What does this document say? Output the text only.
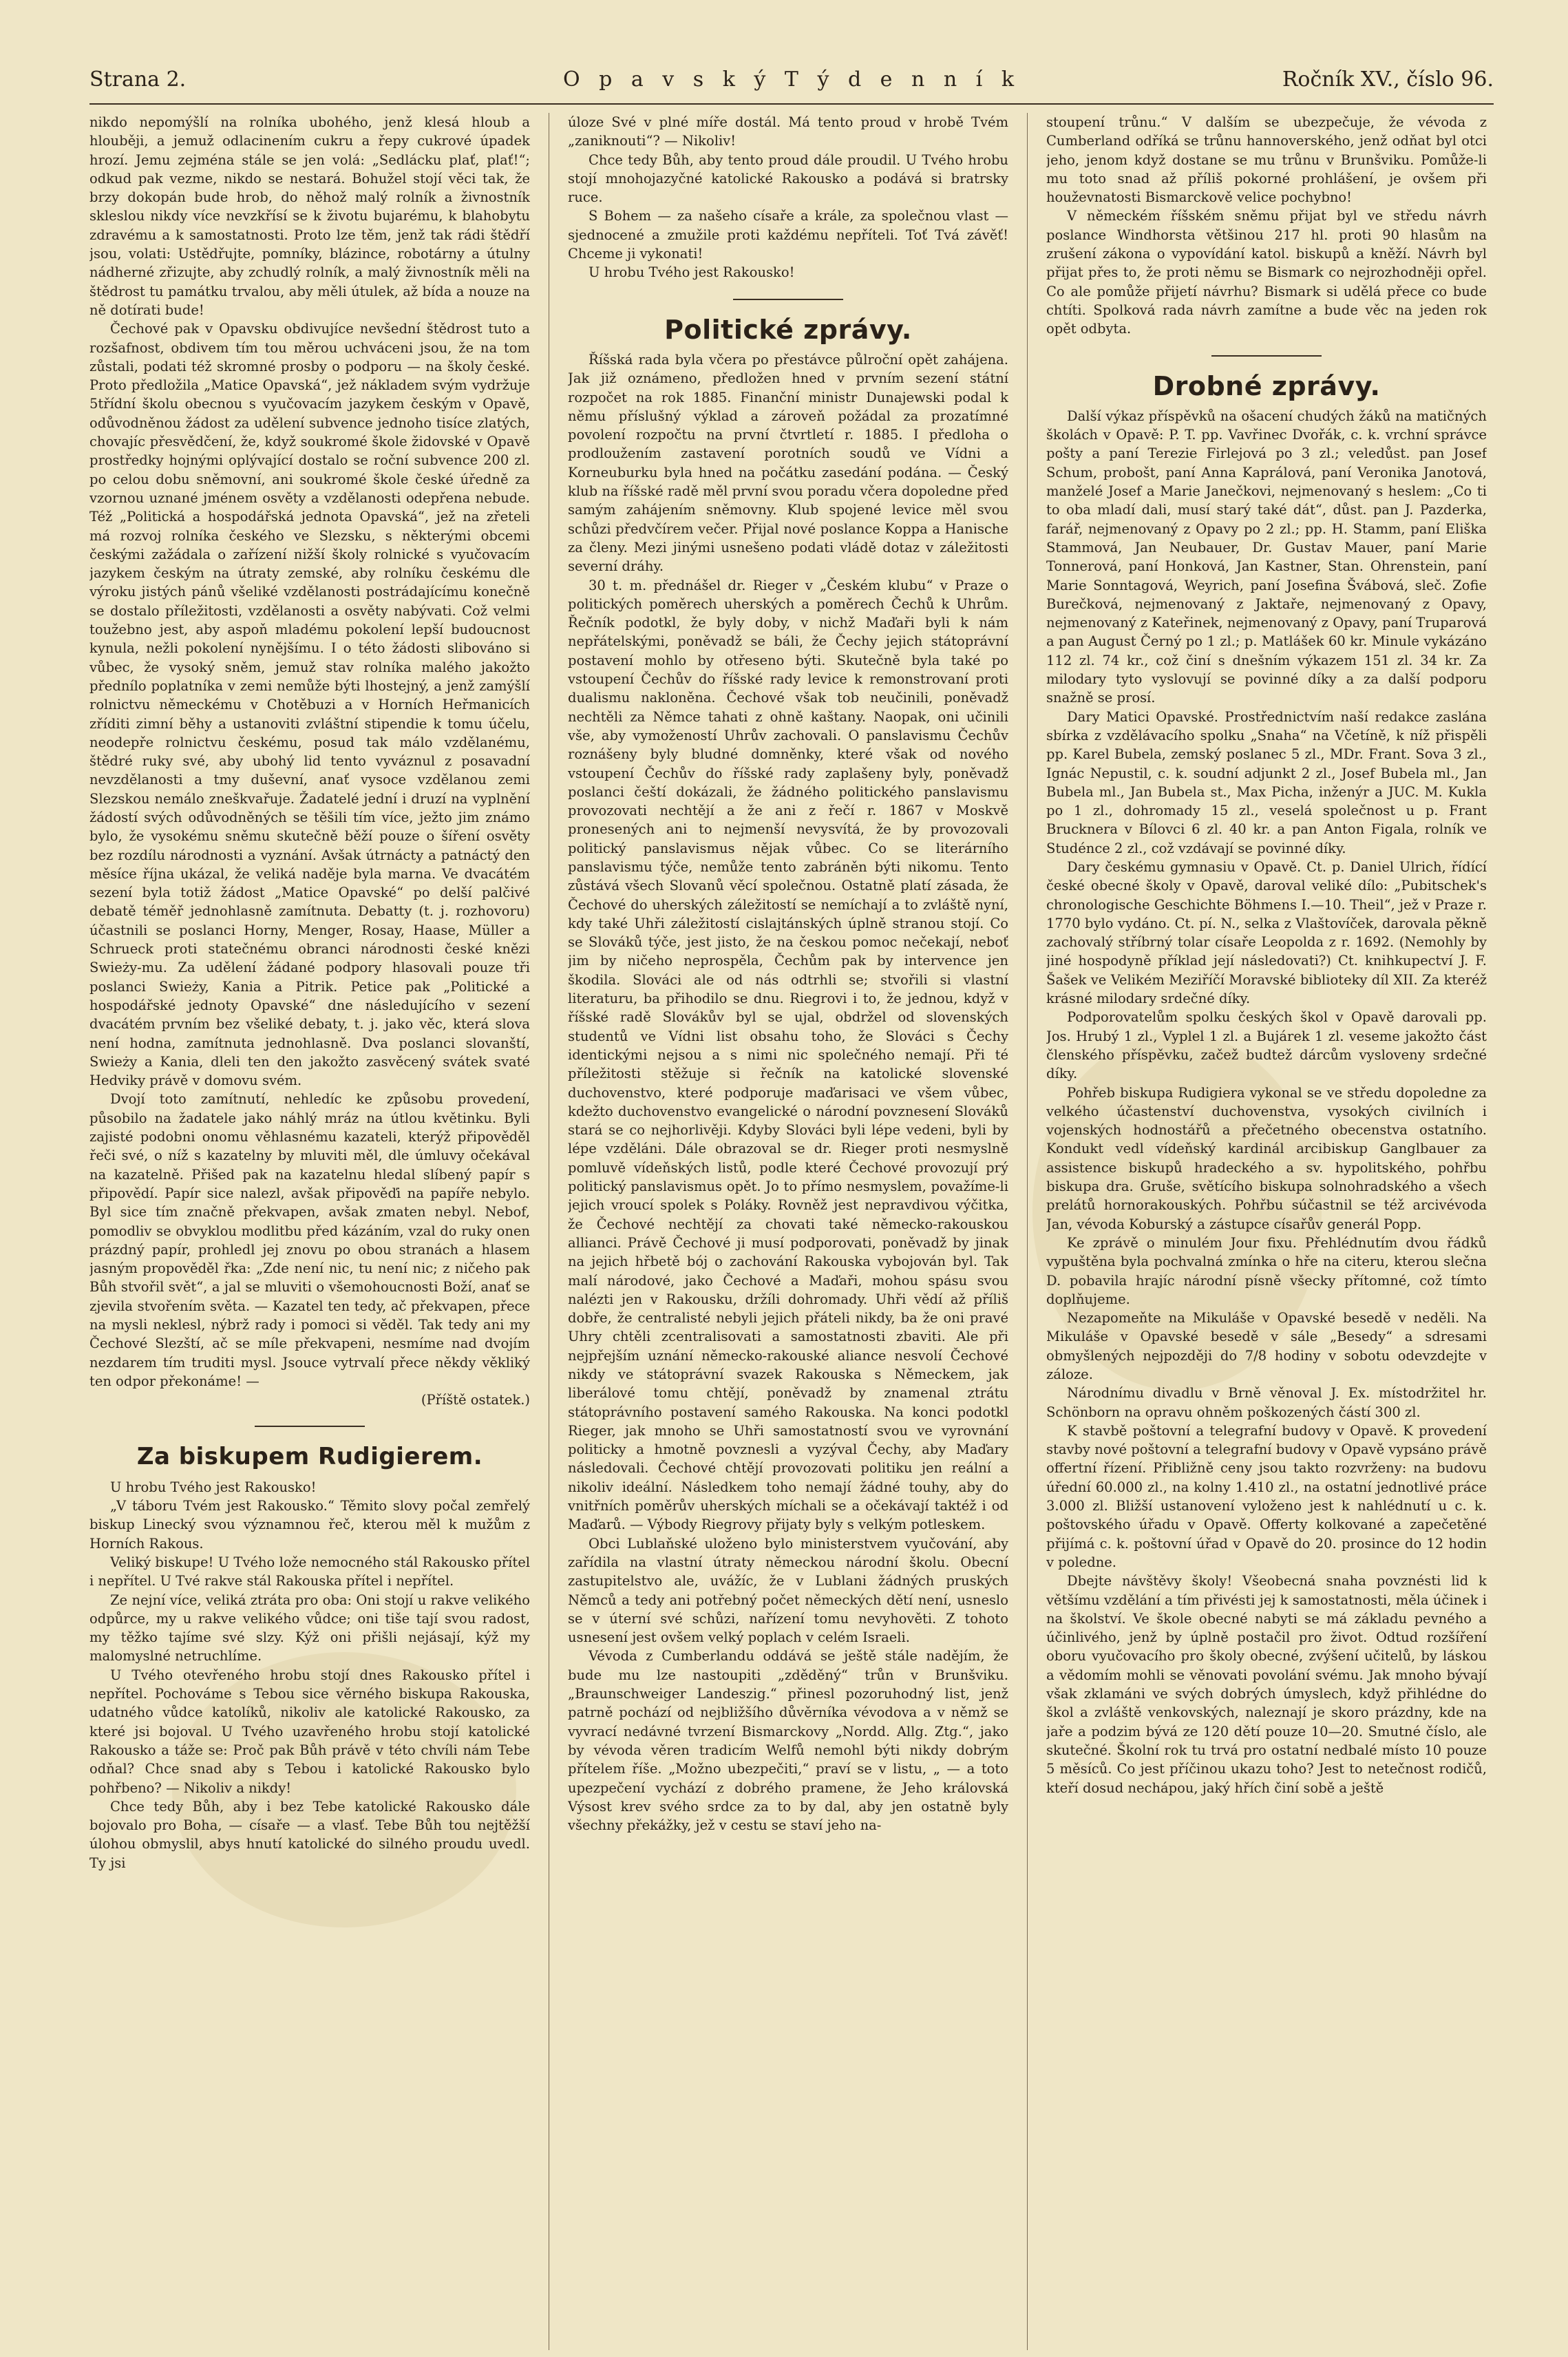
Strana 2.	O p a v s k ý T ý d e n n í k	Ročník XV., číslo 96.

nikdo nepomýšlí na rolníka ubohého, jenž klesá hloub a hlouběji, a jemuž odlacinením cukru a řepy cukrové úpadek hrozí. Jemu zejména stále se jen volá: „Sedlácku plať, plať!“; odkud pak vezme, nikdo se nestará. Bohužel stojí věci tak, že brzy dokopán bude hrob, do něhož malý rolník a živnostník skleslou nikdy více nevzkřísí se k životu bujarému, k blahobytu zdravému a k samostatnosti. Proto lze těm, jenž tak rádi štědří jsou, volati: Ustědřujte, pomníky, blázince, robotárny a útulny nádherné zřizujte, aby zchudlý rolník, a malý živnostník měli na štědrost tu památku trvalou, aby měli útulek, až bída a nouze na ně dotírati bude!

Čechové pak v Opavsku obdivujíce nevšední štědrost tuto a rozšafnost, obdivem tím tou měrou uchváceni jsou, že na tom zůstali, podati též skromné prosby o podporu — na školy české. Proto předložila „Matice Opavská“, jež nákladem svým vydržuje 5třídní školu obecnou s vyučovacím jazykem českým v Opavě, odůvodněnou žádost za udělení subvence jednoho tisíce zlatých, chovajíc přesvědčení, že, když soukromé škole židovské v Opavě prostředky hojnými oplývající dostalo se roční subvence 200 zl. po celou dobu sněmovní, ani soukromé škole české úředně za vzornou uznané jménem osvěty a vzdělanosti odepřena nebude. Též „Politická a hospodářská jednota Opavská“, jež na zřeteli má rozvoj rolníka českého ve Slezsku, s některými obcemi českými zažádala o zařízení nižší školy rolnické s vyučovacím jazykem českým na útraty zemské, aby rolníku českému dle výroku jistých pánů všeliké vzdělanosti postrádajícímu konečně se dostalo příležitosti, vzdělanosti a osvěty nabývati. Což velmi toužebno jest, aby aspoň mladému pokolení lepší budoucnost kynula, nežli pokolení nynějšímu. I o této žádosti slibováno si vůbec, že vysoký sněm, jemuž stav rolníka malého jakožto přednílo poplatníka v zemi nemůže býti lhostejný, a jenž zamýšlí rolnictvu německému v Chotěbuzi a v Horních Heřmanicích zříditi zimní běhy a ustanoviti zvláštní stipendie k tomu účelu, neodepře rolnictvu českému, posud tak málo vzdělanému, štědré ruky své, aby ubohý lid tento vyváznul z posavadní nevzdělanosti a tmy duševní, anať vysoce vzdělanou zemi Slezskou nemálo zneškvařuje. Žadatelé jední i druzí na vyplnění žádostí svých odůvodněných se těšili tím více, ježto jim známo bylo, že vysokému sněmu skutečně běží pouze o šíření osvěty bez rozdílu národnosti a vyznání. Avšak útrnácty a patnáctý den měsíce října ukázal, že veliká naděje byla marna. Ve dvacátém sezení byla totiž žádost „Matice Opavské“ po delší palčivé debatě téměř jednohlasně zamítnuta. Debatty (t. j. rozhovoru) účastnili se poslanci Horny, Menger, Rosay, Haase, Müller a Schrueck proti statečnému obranci národnosti české knězi Swieży-mu. Za udělení žádané podpory hlasovali pouze tři poslanci Swieży, Kania a Pitrik. Petice pak „Politické a hospodářské jednoty Opavské“ dne následujícího v sezení dvacátém prvním bez všeliké debaty, t. j. jako věc, která slova není hodna, zamítnuta jednohlasně. Dva poslanci slovanští, Swieży a Kania, dleli ten den jakožto zasvěcený svátek svaté Hedviky právě v domovu svém.

Dvojí toto zamítnutí, nehledíc ke způsobu provedení, působilo na žadatele jako náhlý mráz na útlou květinku. Byli zajisté podobni onomu věhlasnému kazateli, kterýž připověděl řeči své, o níž s kazatelny by mluviti měl, dle úmluvy očekával na kazatelně. Přišed pak na kazatelnu hledal slíbený papír s připovědí. Papír sice nalezl, avšak připověďi na papíře nebylo. Byl sice tím značně překvapen, avšak zmaten nebyl. Nebof, pomodliv se obvyklou modlitbu před kázáním, vzal do ruky onen prázdný papír, prohledl jej znovu po obou stranách a hlasem jasným propověděl řka: „Zde není nic, tu není nic; z ničeho pak Bůh stvořil svět“, a jal se mluviti o všemohoucnosti Boží, anať se zjevila stvořením světa. — Kazatel ten tedy, ač překvapen, přece na mysli neklesl, nýbrž rady i pomoci si věděl. Tak tedy ani my Čechové Slezští, ač se míle překvapeni, nesmíme nad dvojím nezdarem tím truditi mysl. Jsouce vytrvalí přece někdy věkliký ten odpor překonáme! —

(Příště ostatek.)

Za biskupem Rudigierem.

U hrobu Tvého jest Rakousko!

„V táboru Tvém jest Rakousko.“ Těmito slovy počal zemřelý biskup Linecký svou významnou řeč, kterou měl k mužům z Horních Rakous.

Veliký biskupe! U Tvého lože nemocného stál Rakousko přítel i nepřítel. U Tvé rakve stál Rakouska přítel i nepřítel.

Ze nejní více, veliká ztráta pro oba: Oni stojí u rakve velikého odpůrce, my u rakve velikého vůdce; oni tiše tají svou radost, my těžko tajíme své slzy. Kýž oni přišli nejásají, kýž my malomyslné netruchlíme.

U Tvého otevřeného hrobu stojí dnes Rakousko přítel i nepřítel. Pochováme s Tebou sice věrného biskupa Rakouska, udatného vůdce katolíků, nikoliv ale katolické Rakousko, za které jsi bojoval. U Tvého uzavřeného hrobu stojí katolické Rakousko a táže se: Proč pak Bůh právě v této chvíli nám Tebe odňal? Chce snad aby s Tebou i katolické Rakousko bylo pohřbeno? — Nikoliv a nikdy!

Chce tedy Bůh, aby i bez Tebe katolické Rakousko dále bojovalo pro Boha, — císaře — a vlasť. Tebe Bůh tou nejtěžší úlohou obmyslil, abys hnutí katolické do silného proudu uvedl. Ty jsi

úloze Své v plné míře dostál. Má tento proud v hrobě Tvém „zaniknouti“? — Nikoliv!

Chce tedy Bůh, aby tento proud dále proudil. U Tvého hrobu stojí mnohojazyčné katolické Rakousko a podává si bratrsky ruce.

S Bohem — za našeho císaře a krále, za společnou vlast — sjednocené a zmužile proti každému nepříteli. Toť Tvá závěť! Chceme ji vykonati!

U hrobu Tvého jest Rakousko!

Politické zprávy.

Říšská rada byla včera po přestávce půlroční opět zahájena. Jak již oznámeno, předložen hned v prvním sezení státní rozpočet na rok 1885. Finanční ministr Dunajewski podal k němu příslušný výklad a zároveň požádal za prozatímné povolení rozpočtu na první čtvrtletí r. 1885. I předloha o prodloužením zastavení porotních soudů ve Vídni a Korneuburku byla hned na počátku zasedání podána. — Český klub na říšské radě měl první svou poradu včera dopoledne před samým zahájením sněmovny. Klub spojené levice měl svou schůzi předvčírem večer. Přijal nové poslance Koppa a Hanische za členy. Mezi jinými usnešeno podati vládě dotaz v záležitosti severní dráhy.

30 t. m. přednášel dr. Rieger v „Českém klubu“ v Praze o politických poměrech uherských a poměrech Čechů k Uhrům. Řečník podotkl, že byly doby, v nichž Maďaři byli k nám nepřátelskými, poněvadž se báli, že Čechy jejich státoprávní postavení mohlo by otřeseno býti. Skutečně byla také po vstoupení Čechův do říšské rady levice k remonstrovaní proti dualismu nakloněna. Čechové však tob neučinili, poněvadž nechtěli za Němce tahati z ohně kaštany. Naopak, oni učinili vše, aby vymožeností Uhrův zachovali. O panslavismu Čechův roznášeny byly bludné domněnky, které však od nového vstoupení Čechův do říšské rady zaplašeny byly, poněvadž poslanci čeští dokázali, že žádného politického panslavismu provozovati nechtějí a že ani z řečí r. 1867 v Moskvě pronesených ani to nejmenší nevysvítá, že by provozovali politický panslavismus nějak vůbec. Co se literárního panslavismu týče, nemůže tento zabráněn býti nikomu. Tento zůstává všech Slovanů věcí společnou. Ostatně platí zásada, že Čechové do uherských záležitostí se nemíchají a to zvláště nyní, kdy také Uhři záležitostí cislajtánských úplně stranou stojí. Co se Slováků týče, jest jisto, že na českou pomoc nečekají, neboť jim by ničeho neprospěla, Čechům pak by intervence jen škodila. Slováci ale od nás odtrhli se; stvořili si vlastní literaturu, ba přihodilo se dnu. Riegrovi i to, že jednou, když v říšské radě Slovákův byl se ujal, obdržel od slovenských studentů ve Vídni list obsahu toho, že Slováci s Čechy identickými nejsou a s nimi nic společného nemají. Při té příležitosti stěžuje si řečník na katolické slovenské duchovenstvo, které podporuje maďarisaci ve všem vůbec, kdežto duchovenstvo evangelické o národní povznesení Slováků stará se co nejhorlivěji. Kdyby Slováci byli lépe vedeni, byli by lépe vzděláni. Dále obrazoval se dr. Rieger proti nesmyslně pomluvě vídeňských listů, podle které Čechové provozují prý politický panslavismus opět. Jo to přímo nesmyslem, považíme-li jejich vroucí spolek s Poláky. Rovněž jest nepravdivou výčitka, že Čechové nechtějí za chovati také německo-rakouskou allianci. Právě Čechové ji musí podporovati, poněvadž by jinak na jejich hřbetě bój o zachování Rakouska vybojován byl. Tak malí národové, jako Čechové a Maďaři, mohou spásu svou nalézti jen v Rakousku, držíli dohromady. Uhři vědí až příliš dobře, že centralisté nebyli jejich přáteli nikdy, ba že oni pravé Uhry chtěli zcentralisovati a samostatnosti zbaviti. Ale při nejpřejším uznání německo-rakouské aliance nesvolí Čechové nikdy ve státoprávní svazek Rakouska s Německem, jak liberálové tomu chtějí, poněvadž by znamenal ztrátu státoprávního postavení samého Rakouska. Na konci podotkl Rieger, jak mnoho se Uhři samostatností svou ve vyrovnání politicky a hmotně povznesli a vyzýval Čechy, aby Maďary následovali. Čechové chtějí provozovati politiku jen reální a nikoliv ideální. Následkem toho nemají žádné touhy, aby do vnitřních poměrův uherských míchali se a očekávají taktéž i od Maďarů. — Výbody Riegrovy přijaty byly s velkým potleskem.

Obci Lublaňské uloženo bylo ministerstvem vyučování, aby zařídila na vlastní útraty německou národní školu. Obecní zastupitelstvo ale, uvážíc, že v Lublani žádných pruských Němců a tedy ani potřebný počet německých dětí není, usneslo se v úterní své schůzi, nařízení tomu nevyhověti. Z tohoto usnesení jest ovšem velký poplach v celém Israeli.

Vévoda z Cumberlandu oddává se ještě stále nadějím, že bude mu lze nastoupiti „zděděný“ trůn v Brunšviku. „Braunschweiger Landeszig.“ přinesl pozoruhodný list, jenž patrně pochází od nejbližšího důvěrníka vévodova a v němž se vyvrací nedávné tvrzení Bismarckovy „Nordd. Allg. Ztg.“, jako by vévoda věren tradicím Welfů nemohl býti nikdy dobrým přítelem říše. „Možno ubezpečiti,“ praví se v listu, „ — a toto upezpečení vychází z dobrého pramene, že Jeho královská Výsost krev svého srdce za to by dal, aby jen ostatně byly všechny překážky, jež v cestu se staví jeho na-

stoupení trůnu.“ V dalším se ubezpečuje, že vévoda z Cumberland odříká se trůnu hannoverského, jenž odňat byl otci jeho, jenom když dostane se mu trůnu v Brunšviku. Pomůže-li mu toto snad až příliš pokorné prohlášení, je ovšem při houževnatosti Bismarckově velice pochybno!

V německém říšském sněmu přijat byl ve středu návrh poslance Windhorsta většinou 217 hl. proti 90 hlasům na zrušení zákona o vypovídání katol. biskupů a kněží. Návrh byl přijat přes to, že proti němu se Bismark co nejrozhodněji opřel. Co ale pomůže přijetí návrhu? Bismark si udělá přece co bude chtíti. Spolková rada návrh zamítne a bude věc na jeden rok opět odbyta.

Drobné zprávy.

Další výkaz příspěvků na ošacení chudých žáků na matičných školách v Opavě: P. T. pp. Vavřinec Dvořák, c. k. vrchní správce pošty a paní Terezie Firlejová po 3 zl.; veledůst. pan Josef Schum, probošt, paní Anna Kaprálová, paní Veronika Janotová, manželé Josef a Marie Janečkovi, nejmenovaný s heslem: „Co ti to oba mladí dali, musí starý také dát“, důst. pan J. Pazderka, farář, nejmenovaný z Opavy po 2 zl.; pp. H. Stamm, paní Eliška Stammová, Jan Neubauer, Dr. Gustav Mauer, paní Marie Tonnerová, paní Honková, Jan Kastner, Stan. Ohrenstein, paní Marie Sonntagová, Weyrich, paní Josefina Švábová, sleč. Zofie Burečková, nejmenovaný z Jaktaře, nejmenovaný z Opavy, nejmenovaný z Kateřinek, nejmenovaný z Opavy, paní Truparová a pan August Černý po 1 zl.; p. Matlášek 60 kr. Minule vykázáno 112 zl. 74 kr., což činí s dnešním výkazem 151 zl. 34 kr. Za milodary tyto vyslovují se povinné díky a za další podporu snažně se prosí.

Dary Matici Opavské. Prostřednictvím naší redakce zaslána sbírka z vzdělávacího spolku „Snaha“ na Včetíně, k níž přispěli pp. Karel Bubela, zemský poslanec 5 zl., MDr. Frant. Sova 3 zl., Ignác Nepustil, c. k. soudní adjunkt 2 zl., Josef Bubela ml., Jan Bubela ml., Jan Bubela st., Max Picha, inženýr a JUC. M. Kukla po 1 zl., dohromady 15 zl., veselá společnost u p. Frant Brucknera v Bílovci 6 zl. 40 kr. a pan Anton Figala, rolník ve Studénce 2 zl., což vzdávají se povinné díky.

Dary českému gymnasiu v Opavě. Ct. p. Daniel Ulrich, řídící české obecné školy v Opavě, daroval veliké dílo: „Pubitschek's chronologische Geschichte Böhmens I.—10. Theil“, jež v Praze r. 1770 bylo vydáno. Ct. pí. N., selka z Vlaštovíček, darovala pěkně zachovalý stříbrný tolar císaře Leopolda z r. 1692. (Nemohly by jiné hospodyně příklad její následovati?) Ct. knihkupectví J. F. Šašek ve Velikém Meziříčí Moravské biblioteky díl XII. Za kteréž krásné milodary srdečné díky.

Podporovatelům spolku českých škol v Opavě darovali pp. Jos. Hrubý 1 zl., Vyplel 1 zl. a Bujárek 1 zl. veseme jakožto část členského příspěvku, začež budtež dárcům vysloveny srdečné díky.

Pohřeb biskupa Rudigiera vykonal se ve středu dopoledne za velkého účastenství duchovenstva, vysokých civilních i vojenských hodnostářů a přečetného obecenstva ostatního. Kondukt vedl vídeňský kardinál arcibiskup Ganglbauer za assistence biskupů hradeckého a sv. hypolitského, pohřbu biskupa dra. Gruše, světícího biskupa solnohradského a všech prelátů hornorakouských. Pohřbu súčastnil se též arcivévoda Jan, vévoda Koburský a zástupce císařův generál Popp.

Ke zprávě o minulém Jour fixu. Přehlédnutím dvou řádků vypuštěna byla pochvalná zmínka o hře na citeru, kterou slečna D. pobavila hrajíc národní písně všecky přítomné, což tímto doplňujeme.

Nezapomeňte na Mikuláše v Opavské besedě v neděli. Na Mikuláše v Opavské besedě v sále „Besedy“ a sdresami obmyšlených nejpozději do 7/8 hodiny v sobotu odevzdejte v záloze.

Národnímu divadlu v Brně věnoval J. Ex. místodržitel hr. Schönborn na opravu ohněm poškozených částí 300 zl.

K stavbě poštovní a telegrafní budovy v Opavě. K provedení stavby nové poštovní a telegrafní budovy v Opavě vypsáno právě offertní řízení. Přibližně ceny jsou takto rozvrženy: na budovu úřední 60.000 zl., na kolny 1.410 zl., na ostatní jednotlivé práce 3.000 zl. Bližší ustanovení vyloženo jest k nahlédnutí u c. k. poštovského úřadu v Opavě. Offerty kolkované a zapečetěné přijímá c. k. poštovní úřad v Opavě do 20. prosince do 12 hodin v poledne.

Dbejte návštěvy školy! Všeobecná snaha povznésti lid k většímu vzdělání a tím přivésti jej k samostatnosti, měla účinek i na školství. Ve škole obecné nabyti se má základu pevného a účinlivého, jenž by úplně postačil pro život. Odtud rozšíření oboru vyučovacího pro školy obecné, zvýšení učitelů, by láskou a vědomím mohli se věnovati povolání svému. Jak mnoho bývají však zklamáni ve svých dobrých úmyslech, když přihlédne do škol a zvláště venkovských, naleznají je skoro prázdny, kde na jaře a podzim bývá ze 120 dětí pouze 10—20. Smutné číslo, ale skutečné. Školní rok tu trvá pro ostatní nedbalé místo 10 pouze 5 měsíců. Co jest příčinou ukazu toho? Jest to netečnost rodičů, kteří dosud nechápou, jaký hřích činí sobě a ještě
